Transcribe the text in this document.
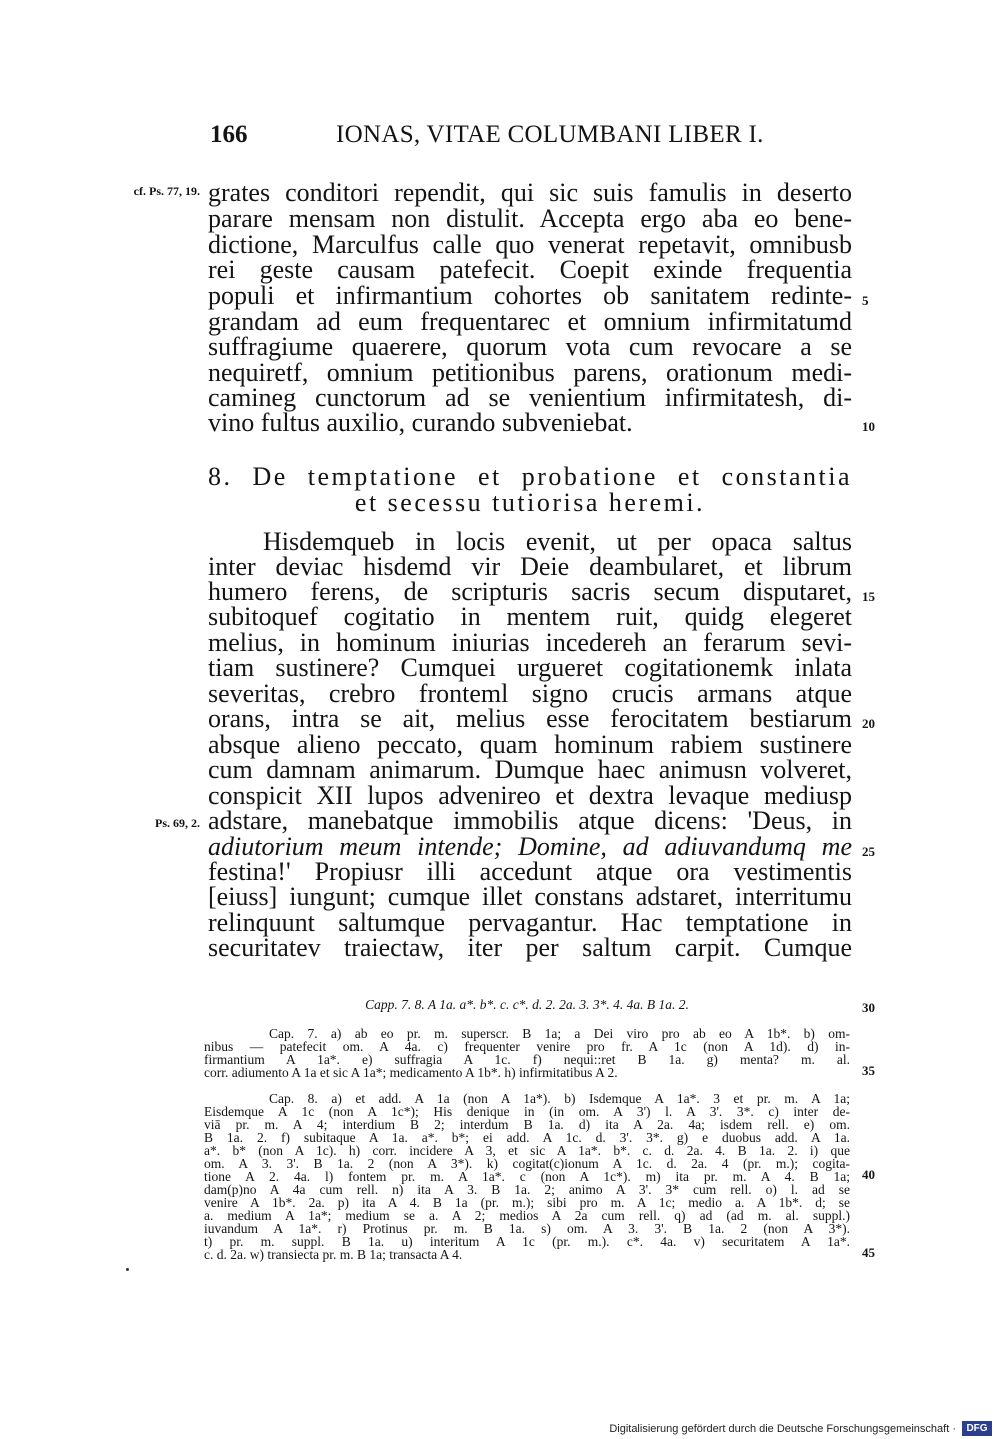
166	IONAS, VITAE COLUMBANI LIBER I.
cf. Ps. 77, 19.
Ps. 69, 2.
5
10
15
20
25
30
35
40
45
grates conditori rependit, qui sic suis famulis in deserto
parare mensam non distulit. Accepta ergo aba eo bene-
dictione, Marculfus calle quo venerat repetavit, omnibusb
rei geste causam patefecit. Coepit exinde frequentia
populi et infirmantium cohortes ob sanitatem redinte-
grandam ad eum frequentarec et omnium infirmitatumd
suffragiume quaerere, quorum vota cum revocare a se
nequiretf, omnium petitionibus parens, orationum medi-
camineg cunctorum ad se venientium infirmitatesh, di-
vino fultus auxilio, curando subveniebat.
8. De temptatione et probatione et constantia
et secessu tutiorisa heremi.
Hisdemqueb in locis evenit, ut per opaca saltus
inter deviac hisdemd vir Deie deambularet, et librum
humero ferens, de scripturis sacris secum disputaret,
subitoquef cogitatio in mentem ruit, quidg elegeret
melius, in hominum iniurias incedereh an ferarum sevi-
tiam sustinere? Cumquei urgueret cogitationemk inlata
severitas, crebro fronteml signo crucis armans atque
orans, intra se ait, melius esse ferocitatem bestiarum
absque alieno peccato, quam hominum rabiem sustinere
cum damnam animarum. Dumque haec animusn volveret,
conspicit XII lupos advenireo et dextra levaque mediusp
adstare, manebatque immobilis atque dicens: 'Deus, in
adiutorium meum intende; Domine, ad adiuvandumq me
festina!' Propiusr illi accedunt atque ora vestimentis
[eiuss] iungunt; cumque illet constans adstaret, interritumu
relinquunt saltumque pervagantur. Hac temptatione in
securitatev traiectaw, iter per saltum carpit. Cumque
Capp. 7. 8. A 1a. a*. b*. c. c*. d. 2. 2a. 3. 3*. 4. 4a. B 1a. 2.
Cap. 7. a) ab eo pr. m. superscr. B 1a; a Dei viro pro ab eo A 1b*. b) om-
nibus — patefecit om. A 4a. c) frequenter venire pro fr. A 1c (non A 1d). d) in-
firmantium A 1a*. e) suffragia A 1c. f) nequi::ret B 1a. g) menta? m. al.
corr. adiumento A 1a et sic A 1a*; medicamento A 1b*. h) infirmitatibus A 2.
Cap. 8. a) et add. A 1a (non A 1a*). b) Isdemque A 1a*. 3 et pr. m. A 1a;
Eisdemque A 1c (non A 1c*); His denique in (in om. A 3') l. A 3'. 3*. c) inter de-
viā pr. m. A 4; interdium B 2; interdum B 1a. d) ita A 2a. 4a; isdem rell. e) om.
B 1a. 2. f) subitaque A 1a. a*. b*; ei add. A 1c. d. 3'. 3*. g) e duobus add. A 1a.
a*. b* (non A 1c). h) corr. incidere A 3, et sic A 1a*. b*. c. d. 2a. 4. B 1a. 2. i) que
om. A 3. 3'. B 1a. 2 (non A 3*). k) cogitat(c)ionum A 1c. d. 2a. 4 (pr. m.); cogita-
tione A 2. 4a. l) fontem pr. m. A 1a*. c (non A 1c*). m) ita pr. m. A 4. B 1a;
dam(p)no A 4a cum rell. n) ita A 3. B 1a. 2; animo A 3'. 3* cum rell. o) l. ad se
venire A 1b*. 2a. p) ita A 4. B 1a (pr. m.); sibi pro m. A 1c; medio a. A 1b*. d; se
a. medium A 1a*; medium se a. A 2; medios A 2a cum rell. q) ad (ad m. al. suppl.)
iuvandum A 1a*. r) Protinus pr. m. B 1a. s) om. A 3. 3'. B 1a. 2 (non A 3*).
t) pr. m. suppl. B 1a. u) interitum A 1c (pr. m.). c*. 4a. v) securitatem A 1a*.
c. d. 2a. w) transiecta pr. m. B 1a; transacta A 4.
Digitalisierung gefördert durch die Deutsche Forschungsgemeinschaft ·	DFG
